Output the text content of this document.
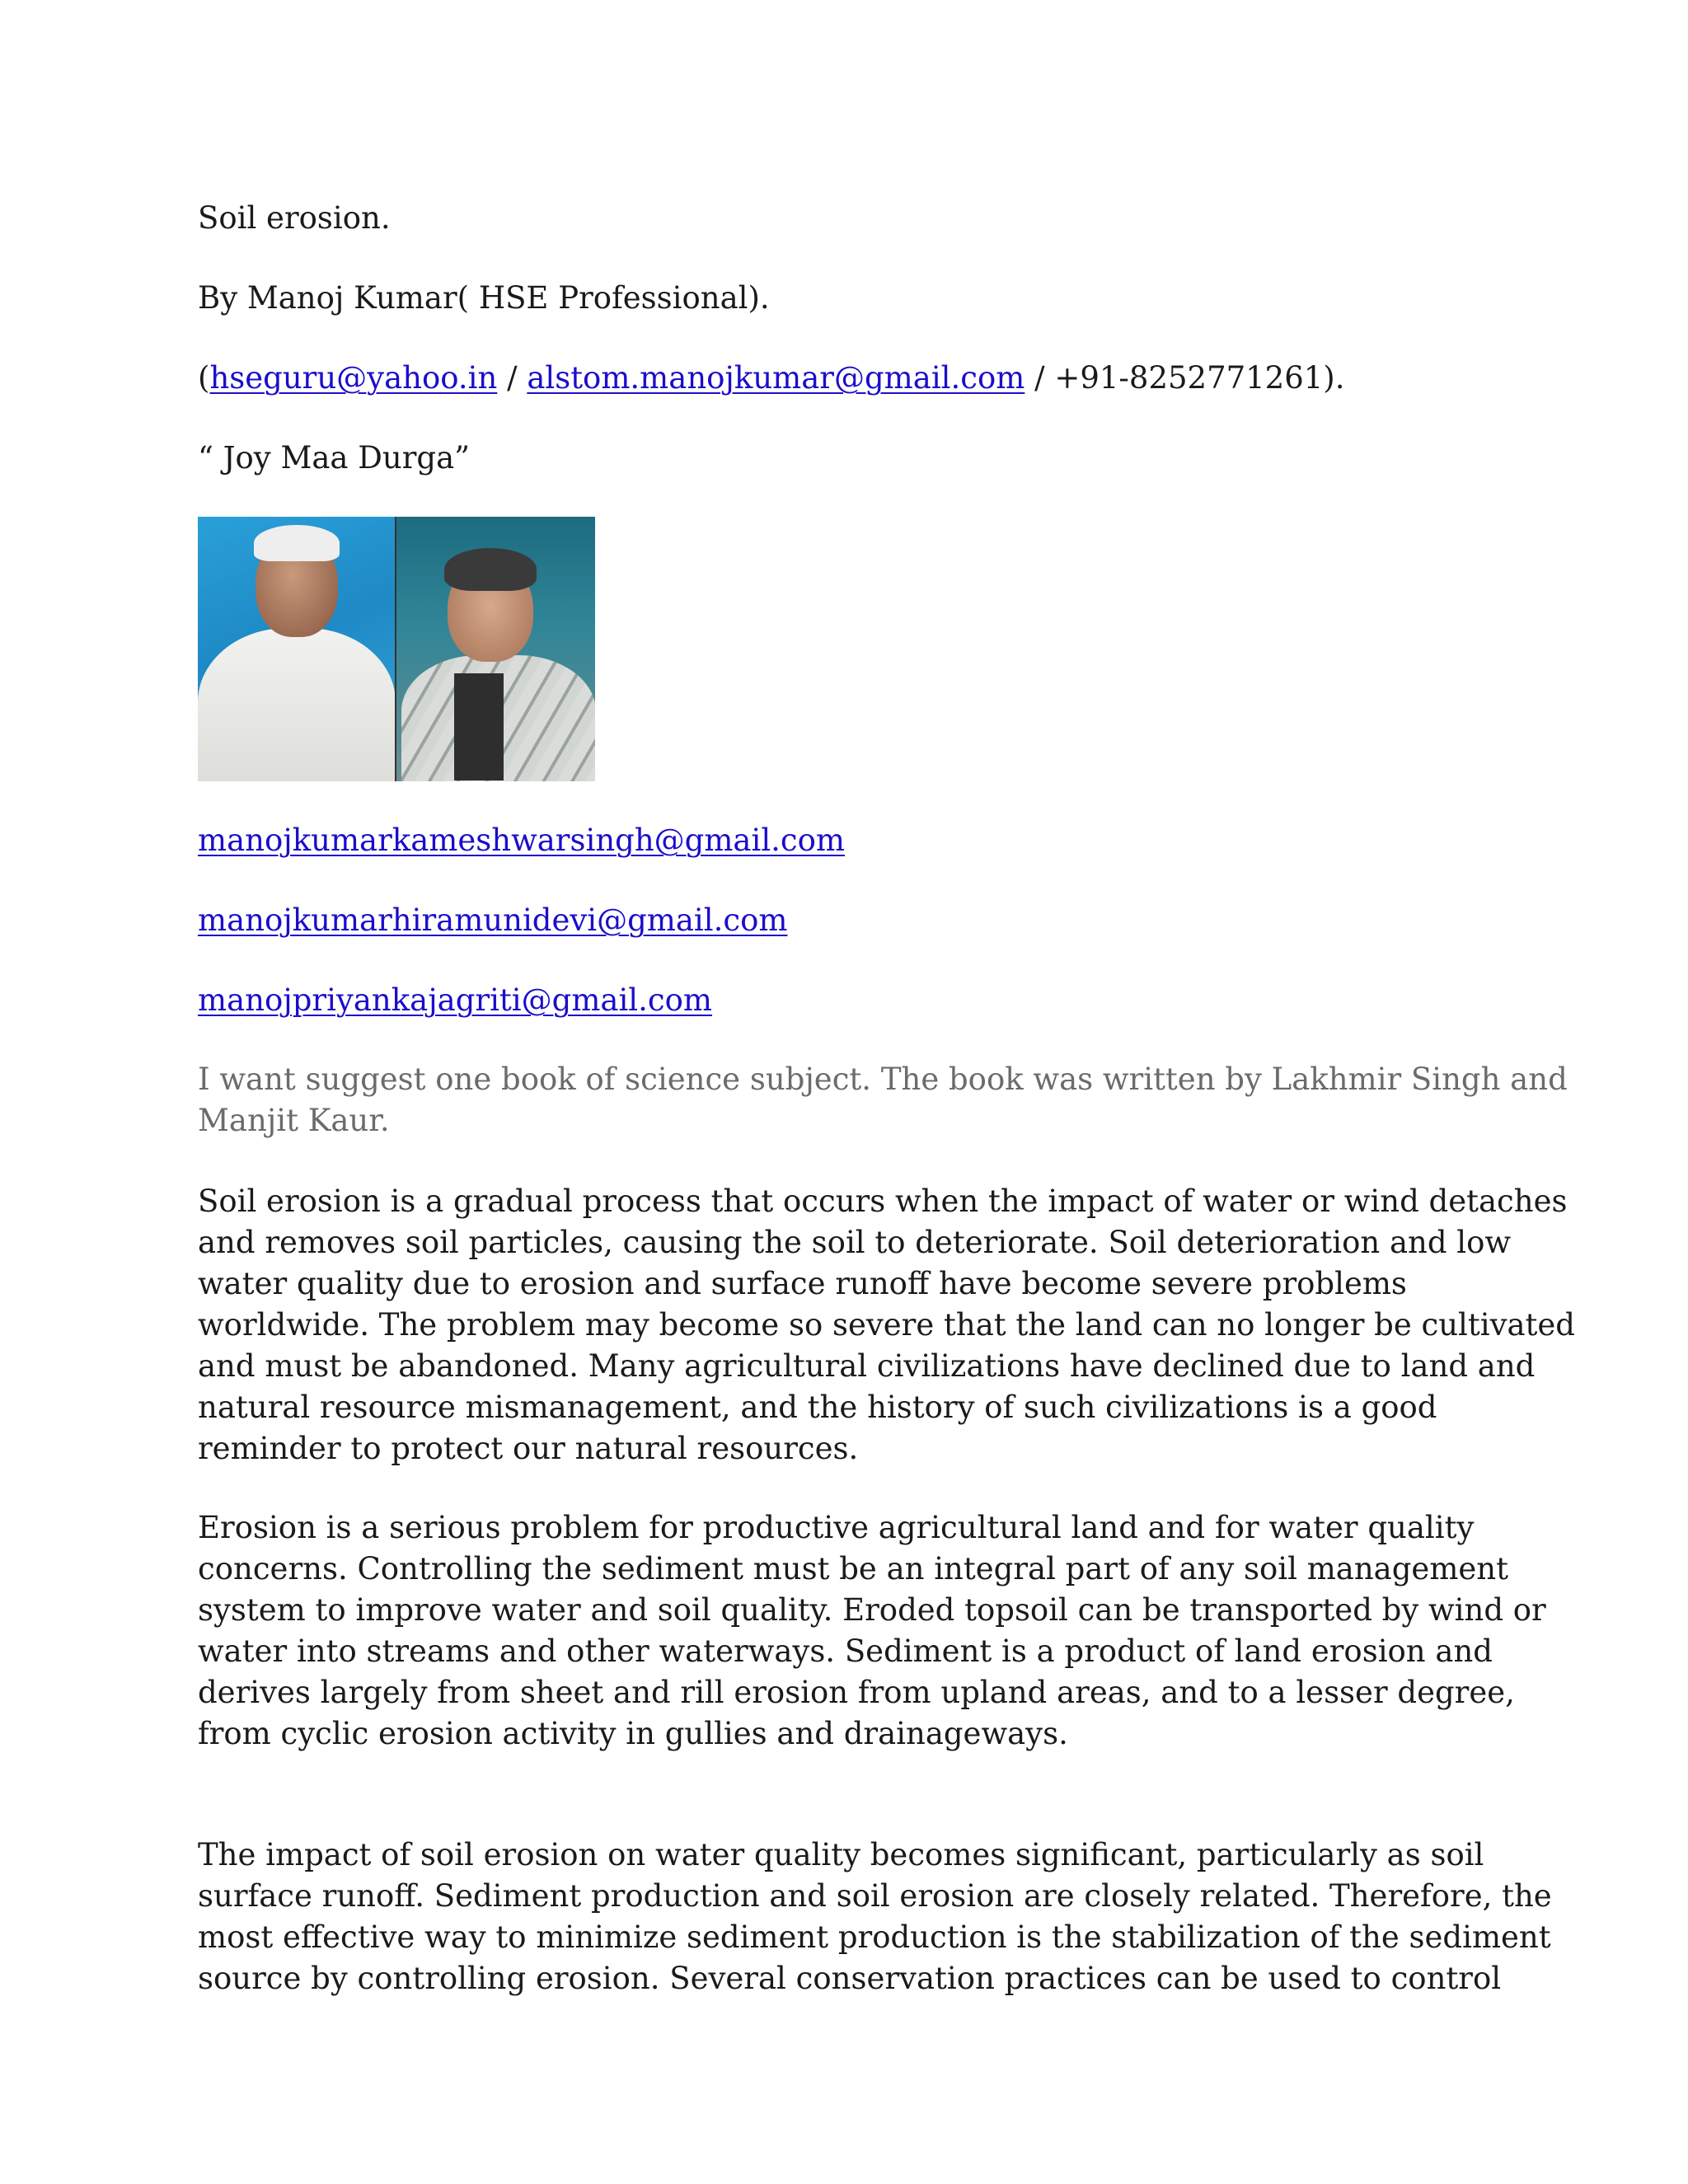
Soil erosion.

By Manoj Kumar( HSE Professional).

(hseguru@yahoo.in / alstom.manojkumar@gmail.com / +91-8252771261).

“ Joy Maa Durga”

manojkumarkameshwarsingh@gmail.com

manojkumarhiramunidevi@gmail.com

manojpriyankajagriti@gmail.com

I want suggest one book of science subject. The book was written by Lakhmir Singh and
Manjit Kaur.

Soil erosion is a gradual process that occurs when the impact of water or wind detaches
and removes soil particles, causing the soil to deteriorate. Soil deterioration and low
water quality due to erosion and surface runoff have become severe problems
worldwide. The problem may become so severe that the land can no longer be cultivated
and must be abandoned. Many agricultural civilizations have declined due to land and
natural resource mismanagement, and the history of such civilizations is a good
reminder to protect our natural resources.

Erosion is a serious problem for productive agricultural land and for water quality
concerns. Controlling the sediment must be an integral part of any soil management
system to improve water and soil quality. Eroded topsoil can be transported by wind or
water into streams and other waterways. Sediment is a product of land erosion and
derives largely from sheet and rill erosion from upland areas, and to a lesser degree,
from cyclic erosion activity in gullies and drainageways.

The impact of soil erosion on water quality becomes significant, particularly as soil
surface runoff. Sediment production and soil erosion are closely related. Therefore, the
most effective way to minimize sediment production is the stabilization of the sediment
source by controlling erosion. Several conservation practices can be used to control
